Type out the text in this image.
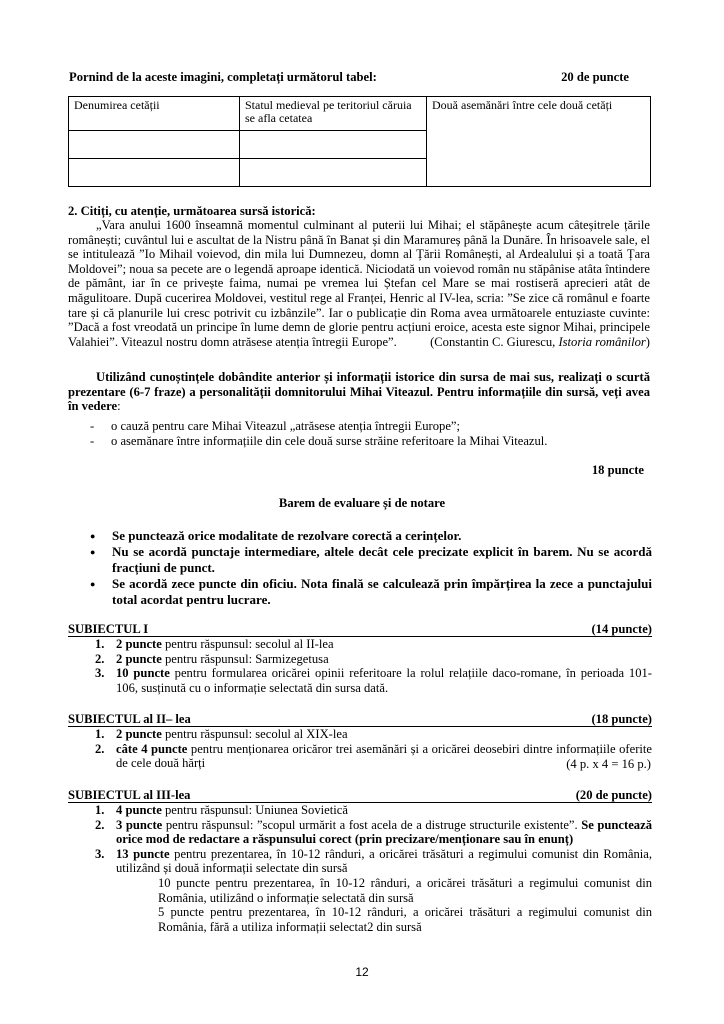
Pornind de la aceste imagini, completați următorul tabel:	20 de puncte
Denumirea cetății	Statul medieval pe teritoriul căruia se afla cetatea	Două asemănări între cele două cetăți

2. Citiți, cu atenție, următoarea sursă istorică:
„Vara anului 1600 înseamnă momentul culminant al puterii lui Mihai; el stăpânește acum câteșitrele țările românești; cuvântul lui e ascultat de la Nistru până în Banat și din Maramureș până la Dunăre. În hrisoavele sale, el se intitulează ”Io Mihail voievod, din mila lui Dumnezeu, domn al Țării Românești, al Ardealului și a toată Țara Moldovei”; noua sa pecete are o legendă aproape identică. Niciodată un voievod român nu stăpânise atâta întindere de pământ, iar în ce privește faima, numai pe vremea lui Ștefan cel Mare se mai rostiseră aprecieri atât de măgulitoare. După cucerirea Moldovei, vestitul rege al Franței, Henric al IV-lea, scria: ”Se zice că românul e foarte tare și că planurile lui cresc potrivit cu izbânzile”. Iar o publicație din Roma avea următoarele entuziaste cuvinte: ”Dacă a fost vreodată un principe în lume demn de glorie pentru acțiuni eroice, acesta este signor Mihai, principele Valahiei”. Viteazul nostru domn atrăsese atenția întregii Europe”.	(Constantin C. Giurescu, Istoria românilor)
Utilizând cunoștințele dobândite anterior și informații istorice din sursa de mai sus, realizați o scurtă prezentare (6-7 fraze) a personalității domnitorului Mihai Viteazul. Pentru informațiile din sursă, veți avea în vedere:
- o cauză pentru care Mihai Viteazul „atrăsese atenția întregii Europe”;
- o asemănare între informațiile din cele două surse străine referitoare la Mihai Viteazul.
18 puncte
Barem de evaluare și de notare
● Se punctează orice modalitate de rezolvare corectă a cerințelor.
● Nu se acordă punctaje intermediare, altele decât cele precizate explicit în barem. Nu se acordă fracțiuni de punct.
● Se acordă zece puncte din oficiu. Nota finală se calculează prin împărțirea la zece a punctajului total acordat pentru lucrare.
SUBIECTUL I	(14 puncte)
1. 2 puncte pentru răspunsul: secolul al II-lea
2. 2 puncte pentru răspunsul: Sarmizegetusa
3. 10 puncte pentru formularea oricărei opinii referitoare la rolul relațiile daco-romane, în perioada 101-106, susținută cu o informație selectată din sursa dată.
SUBIECTUL al II– lea	(18 puncte)
1. 2 puncte pentru răspunsul: secolul al XIX-lea
2. câte 4 puncte pentru menționarea oricăror trei asemănări și a oricărei deosebiri dintre informațiile oferite de cele două hărți	(4 p. x 4 = 16 p.)
SUBIECTUL al III-lea	(20 de puncte)
1. 4 puncte pentru răspunsul: Uniunea Sovietică
2. 3 puncte pentru răspunsul: ”scopul urmărit a fost acela de a distruge structurile existente”. Se punctează orice mod de redactare a răspunsului corect (prin precizare/menționare sau în enunț)
3. 13 puncte pentru prezentarea, în 10-12 rânduri, a oricărei trăsături a regimului comunist din România, utilizând și două informații selectate din sursă
10 puncte pentru prezentarea, în 10-12 rânduri, a oricărei trăsături a regimului comunist din România, utilizând o informație selectată din sursă
5 puncte pentru prezentarea, în 10-12 rânduri, a oricărei trăsături a regimului comunist din România, fără a utiliza informații selectat2 din sursă
12
